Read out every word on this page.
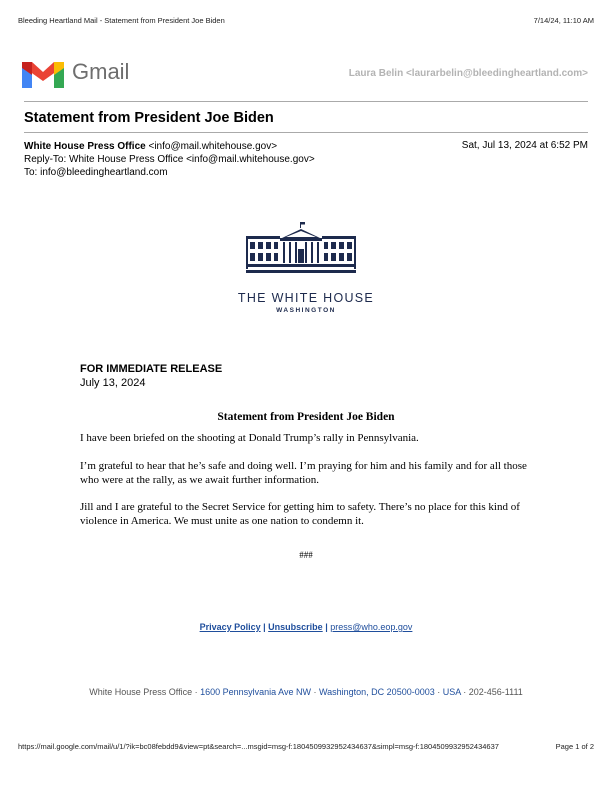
Bleeding Heartland Mail - Statement from President Joe Biden	7/14/24, 11:10 AM
Gmail	Laura Belin <laurarbelin@bleedingheartland.com>
Statement from President Joe Biden
White House Press Office <info@mail.whitehouse.gov>
Reply-To: White House Press Office <info@mail.whitehouse.gov>
To: info@bleedingheartland.com
Sat, Jul 13, 2024 at 6:52 PM
THE WHITE HOUSE
WASHINGTON
FOR IMMEDIATE RELEASE
July 13, 2024
Statement from President Joe Biden
I have been briefed on the shooting at Donald Trump’s rally in Pennsylvania.
I’m grateful to hear that he’s safe and doing well. I’m praying for him and his family and for all those who were at the rally, as we await further information.
Jill and I are grateful to the Secret Service for getting him to safety. There’s no place for this kind of violence in America. We must unite as one nation to condemn it.
###
Privacy Policy | Unsubscribe | press@who.eop.gov
White House Press Office · 1600 Pennsylvania Ave NW · Washington, DC 20500-0003 · USA · 202-456-1111
https://mail.google.com/mail/u/1/?ik=bc08febdd9&view=pt&search=...msgid=msg-f:1804509932952434637&simpl=msg-f:1804509932952434637	Page 1 of 2
